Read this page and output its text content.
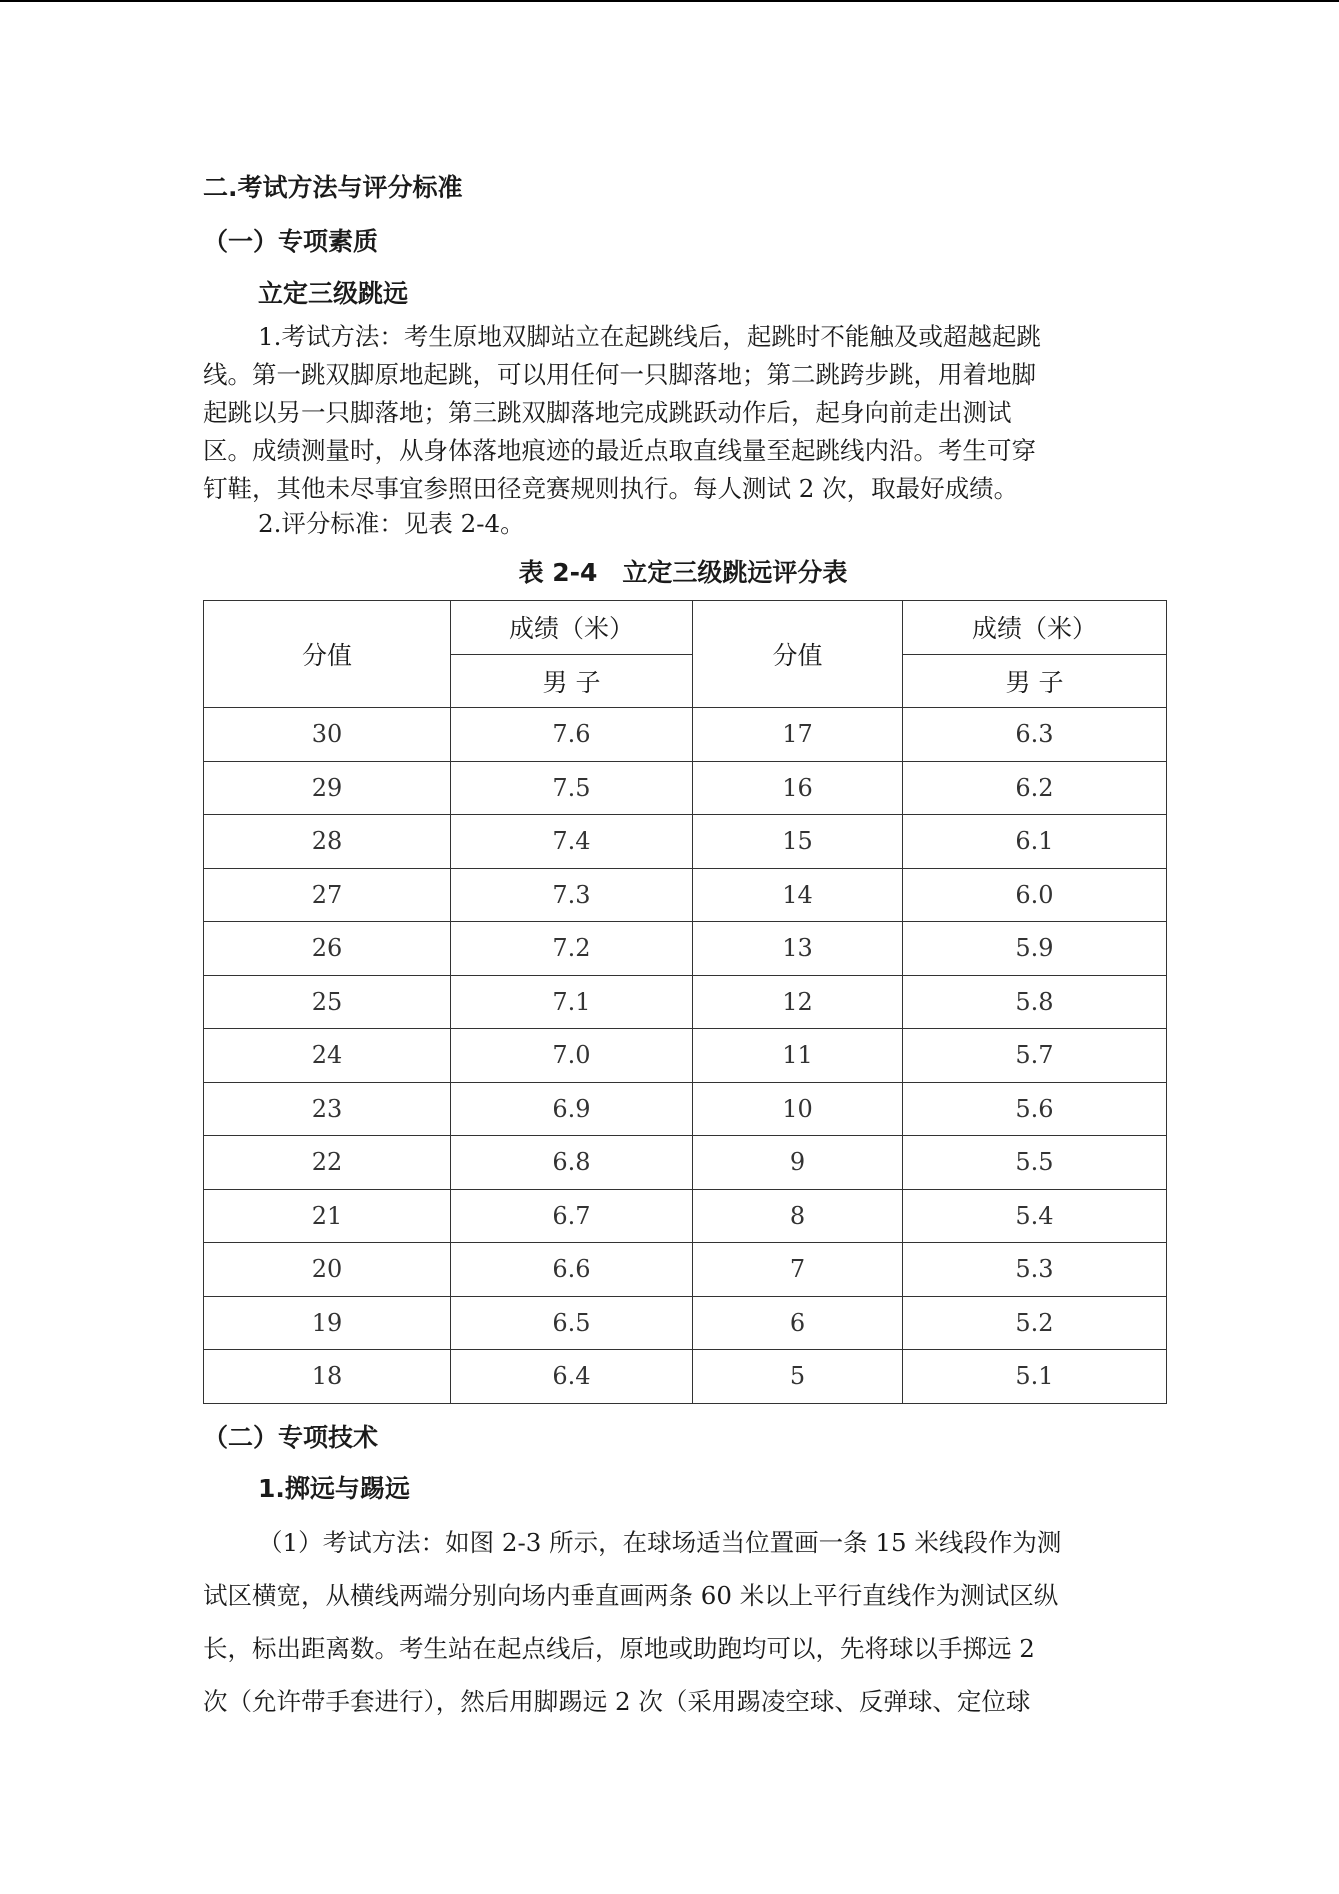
二.考试方法与评分标准
（一）专项素质
立定三级跳远
1.考试方法：考生原地双脚站立在起跳线后，起跳时不能触及或超越起跳
线。第一跳双脚原地起跳，可以用任何一只脚落地；第二跳跨步跳，用着地脚
起跳以另一只脚落地；第三跳双脚落地完成跳跃动作后，起身向前走出测试
区。成绩测量时，从身体落地痕迹的最近点取直线量至起跳线内沿。考生可穿
钉鞋，其他未尽事宜参照田径竞赛规则执行。每人测试 2 次，取最好成绩。
2.评分标准：见表 2-4。
表 2-4　立定三级跳远评分表
分值	成绩（米）	分值	成绩（米）
	男 子		男 子
30	7.6	17	6.3
29	7.5	16	6.2
28	7.4	15	6.1
27	7.3	14	6.0
26	7.2	13	5.9
25	7.1	12	5.8
24	7.0	11	5.7
23	6.9	10	5.6
22	6.8	9	5.5
21	6.7	8	5.4
20	6.6	7	5.3
19	6.5	6	5.2
18	6.4	5	5.1
（二）专项技术
1.掷远与踢远
（1）考试方法：如图 2-3 所示，在球场适当位置画一条 15 米线段作为测
试区横宽，从横线两端分别向场内垂直画两条 60 米以上平行直线作为测试区纵
长，标出距离数。考生站在起点线后，原地或助跑均可以，先将球以手掷远 2
次（允许带手套进行），然后用脚踢远 2 次（采用踢凌空球、反弹球、定位球
